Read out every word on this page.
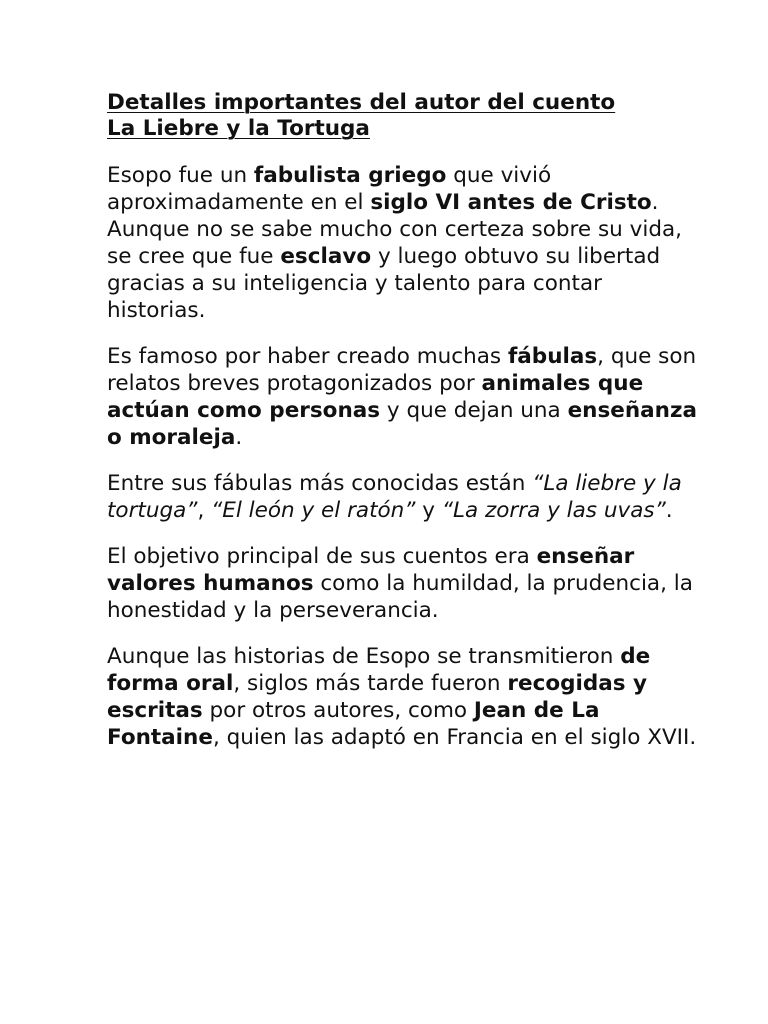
Detalles importantes del autor del cuento
La Liebre y la Tortuga

Esopo fue un fabulista griego que vivió aproximadamente en el siglo VI antes de Cristo. Aunque no se sabe mucho con certeza sobre su vida, se cree que fue esclavo y luego obtuvo su libertad gracias a su inteligencia y talento para contar historias.

Es famoso por haber creado muchas fábulas, que son relatos breves protagonizados por animales que actúan como personas y que dejan una enseñanza o moraleja.

Entre sus fábulas más conocidas están “La liebre y la tortuga”, “El león y el ratón” y “La zorra y las uvas”.

El objetivo principal de sus cuentos era enseñar valores humanos como la humildad, la prudencia, la honestidad y la perseverancia.

Aunque las historias de Esopo se transmitieron de forma oral, siglos más tarde fueron recogidas y escritas por otros autores, como Jean de La Fontaine, quien las adaptó en Francia en el siglo XVII.
